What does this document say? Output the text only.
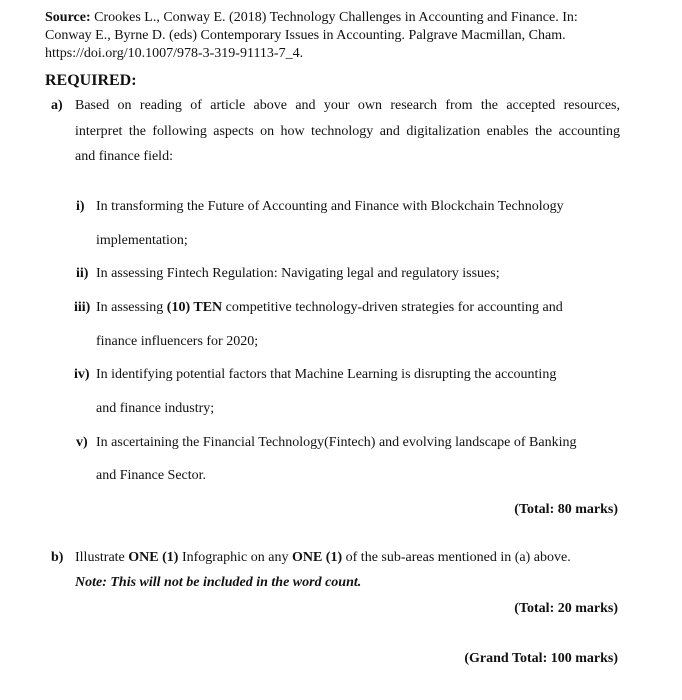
Source: Crookes L., Conway E. (2018) Technology Challenges in Accounting and Finance. In:
Conway E., Byrne D. (eds) Contemporary Issues in Accounting. Palgrave Macmillan, Cham.
https://doi.org/10.1007/978-3-319-91113-7_4.
REQUIRED:
a) Based on reading of article above and your own research from the accepted resources,
interpret the following aspects on how technology and digitalization enables the accounting
and finance field:
i) In transforming the Future of Accounting and Finance with Blockchain Technology
implementation;
ii) In assessing Fintech Regulation: Navigating legal and regulatory issues;
iii) In assessing (10) TEN competitive technology-driven strategies for accounting and
finance influencers for 2020;
iv) In identifying potential factors that Machine Learning is disrupting the accounting
and finance industry;
v) In ascertaining the Financial Technology(Fintech) and evolving landscape of Banking
and Finance Sector.
(Total: 80 marks)
b) Illustrate ONE (1) Infographic on any ONE (1) of the sub-areas mentioned in (a) above.
Note: This will not be included in the word count.
(Total: 20 marks)
(Grand Total: 100 marks)
